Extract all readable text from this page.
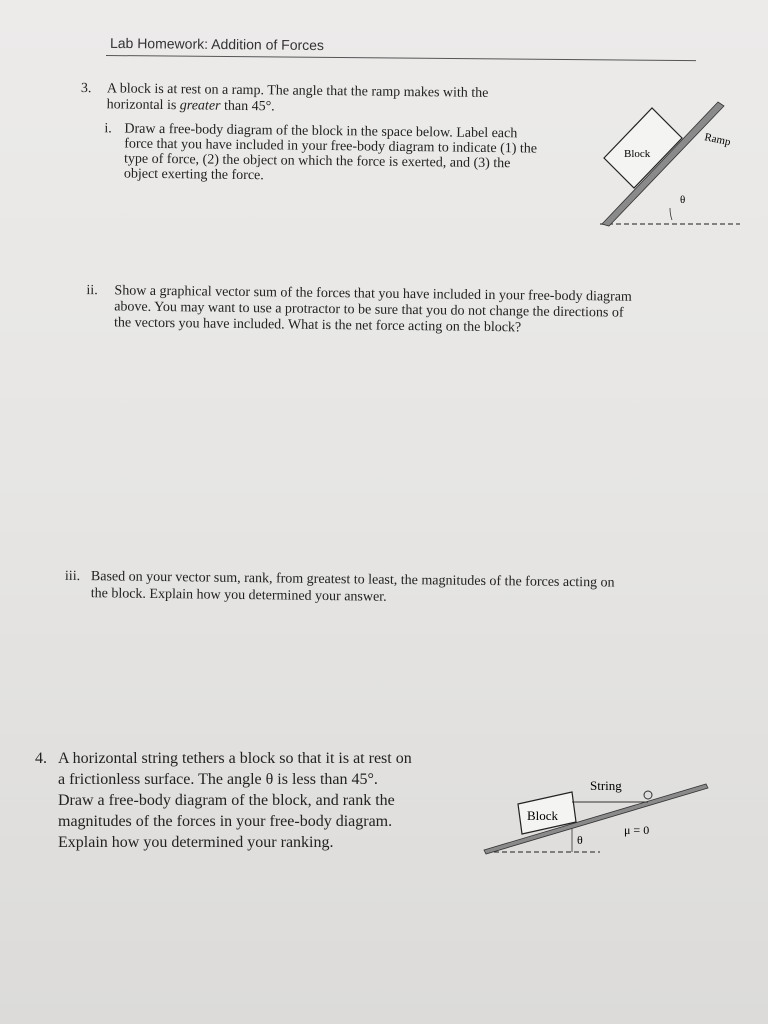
Lab Homework: Addition of Forces
3. A block is at rest on a ramp. The angle that the ramp makes with the
horizontal is greater than 45°.
i. Draw a free-body diagram of the block in the space below. Label each
force that you have included in your free-body diagram to indicate (1) the
type of force, (2) the object on which the force is exerted, and (3) the
object exerting the force.
Block
Ramp
θ
ii. Show a graphical vector sum of the forces that you have included in your free-body diagram
above. You may want to use a protractor to be sure that you do not change the directions of
the vectors you have included. What is the net force acting on the block?
iii. Based on your vector sum, rank, from greatest to least, the magnitudes of the forces acting on
the block. Explain how you determined your answer.
4. A horizontal string tethers a block so that it is at rest on
a frictionless surface. The angle θ is less than 45°.
Draw a free-body diagram of the block, and rank the
magnitudes of the forces in your free-body diagram.
Explain how you determined your ranking.
Block
String
θ
μ = 0
